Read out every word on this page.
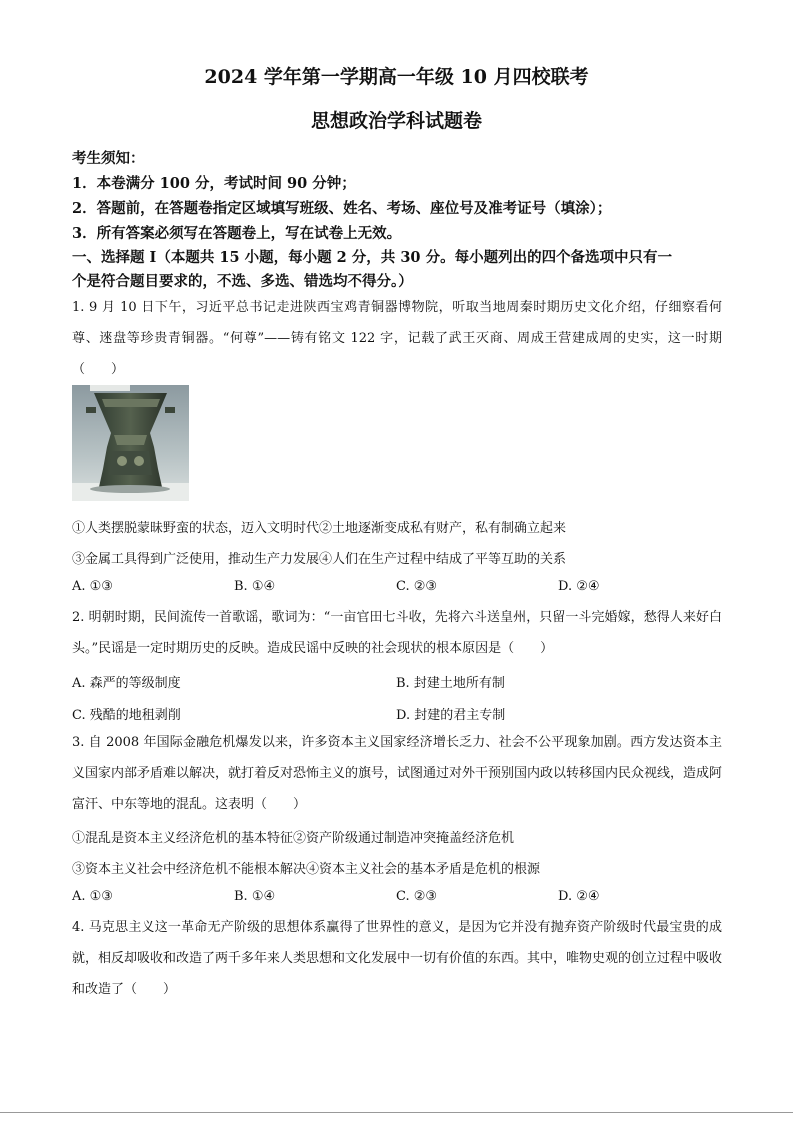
2024 学年第一学期高一年级 10 月四校联考
思想政治学科试题卷
考生须知：
1．本卷满分 100 分，考试时间 90 分钟；
2．答题前，在答题卷指定区域填写班级、姓名、考场、座位号及准考证号（填涂）；
3．所有答案必须写在答题卷上，写在试卷上无效。
一、选择题 Ⅰ（本题共 15 小题，每小题 2 分，共 30 分。每小题列出的四个备选项中只有一
个是符合题目要求的，不选、多选、错选均不得分。）
1. 9 月 10 日下午，习近平总书记走进陕西宝鸡青铜器博物院，听取当地周秦时期历史文化介绍，仔细察看何尊、逨盘等珍贵青铜器。“何尊”——铸有铭文 122 字，记载了武王灭商、周成王营建成周的史实，这一时期（　　）
①人类摆脱蒙昧野蛮的状态，迈入文明时代②土地逐渐变成私有财产，私有制确立起来
③金属工具得到广泛使用，推动生产力发展④人们在生产过程中结成了平等互助的关系
A. ①③	B. ①④	C. ②③	D. ②④
2. 明朝时期，民间流传一首歌谣，歌词为：“一亩官田七斗收，先将六斗送皇州，只留一斗完婚嫁，愁得人来好白头。”民谣是一定时期历史的反映。造成民谣中反映的社会现状的根本原因是（　　）
A. 森严的等级制度	B. 封建土地所有制
C. 残酷的地租剥削	D. 封建的君主专制
3. 自 2008 年国际金融危机爆发以来，许多资本主义国家经济增长乏力、社会不公平现象加剧。西方发达资本主义国家内部矛盾难以解决，就打着反对恐怖主义的旗号，试图通过对外干预别国内政以转移国内民众视线，造成阿富汗、中东等地的混乱。这表明（　　）
①混乱是资本主义经济危机的基本特征②资产阶级通过制造冲突掩盖经济危机
③资本主义社会中经济危机不能根本解决④资本主义社会的基本矛盾是危机的根源
A. ①③	B. ①④	C. ②③	D. ②④
4. 马克思主义这一革命无产阶级的思想体系赢得了世界性的意义，是因为它并没有抛弃资产阶级时代最宝贵的成就，相反却吸收和改造了两千多年来人类思想和文化发展中一切有价值的东西。其中，唯物史观的创立过程中吸收和改造了（　　）
